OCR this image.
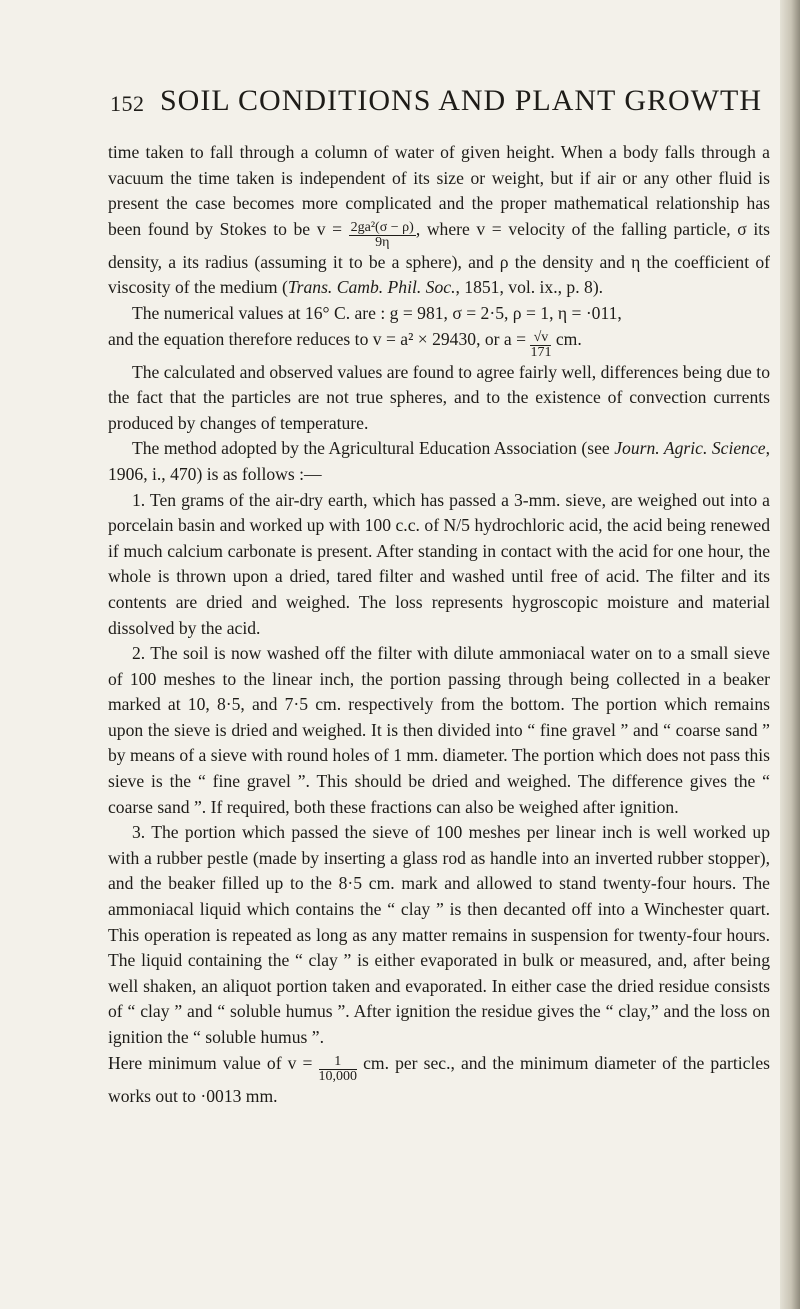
152 SOIL CONDITIONS AND PLANT GROWTH

time taken to fall through a column of water of given height. When a body falls through a vacuum the time taken is independent of its size or weight, but if air or any other fluid is present the case becomes more complicated and the proper mathematical relationship has been found by Stokes to be $v = \frac{\text{2ga²(σ − ρ)}}{9\eta}$ , where v = velocity of the falling particle, σ its density, a its radius (assuming it to be a sphere), and ρ the density and η the coefficient of viscosity of the medium (Trans. Camb. Phil. Soc., 1851, vol. ix., p. 8).

The numerical values at 16° C. are : g = 981, σ = 2·5, ρ = 1, η = ·011,

and the equation therefore reduces to v = a² × 29430, or $a = \frac{√v}{171}$ cm.

The calculated and observed values are found to agree fairly well, differences being due to the fact that the particles are not true spheres, and to the existence of convection currents produced by changes of temperature.

The method adopted by the Agricultural Education Association (see Journ. Agric. Science, 1906, i., 470) is as follows :—

1. Ten grams of the air-dry earth, which has passed a 3-mm. sieve, are weighed out into a porcelain basin and worked up with 100 c.c. of N/5 hydrochloric acid, the acid being renewed if much calcium carbonate is present. After standing in contact with the acid for one hour, the whole is thrown upon a dried, tared filter and washed until free of acid. The filter and its contents are dried and weighed. The loss represents hygroscopic moisture and material dissolved by the acid.

2. The soil is now washed off the filter with dilute ammoniacal water on to a small sieve of 100 meshes to the linear inch, the portion passing through being collected in a beaker marked at 10, 8·5, and 7·5 cm. respectively from the bottom. The portion which remains upon the sieve is dried and weighed. It is then divided into “ fine gravel ” and “ coarse sand ” by means of a sieve with round holes of 1 mm. diameter. The portion which does not pass this sieve is the “ fine gravel ”. This should be dried and weighed. The difference gives the “ coarse sand ”. If required, both these fractions can also be weighed after ignition.

3. The portion which passed the sieve of 100 meshes per linear inch is well worked up with a rubber pestle (made by inserting a glass rod as handle into an inverted rubber stopper), and the beaker filled up to the 8·5 cm. mark and allowed to stand twenty-four hours. The ammoniacal liquid which contains the “ clay ” is then decanted off into a Winchester quart. This operation is repeated as long as any matter remains in suspension for twenty-four hours. The liquid containing the “ clay ” is either evaporated in bulk or measured, and, after being well shaken, an aliquot portion taken and evaporated. In either case the dried residue consists of “ clay ” and “ soluble humus ”. After ignition the residue gives the “ clay,” and the loss on ignition the “ soluble humus ”.

Here minimum value of $v = \frac{1}{10,000}$ cm. per sec., and the minimum diameter of the particles works out to ·0013 mm.
